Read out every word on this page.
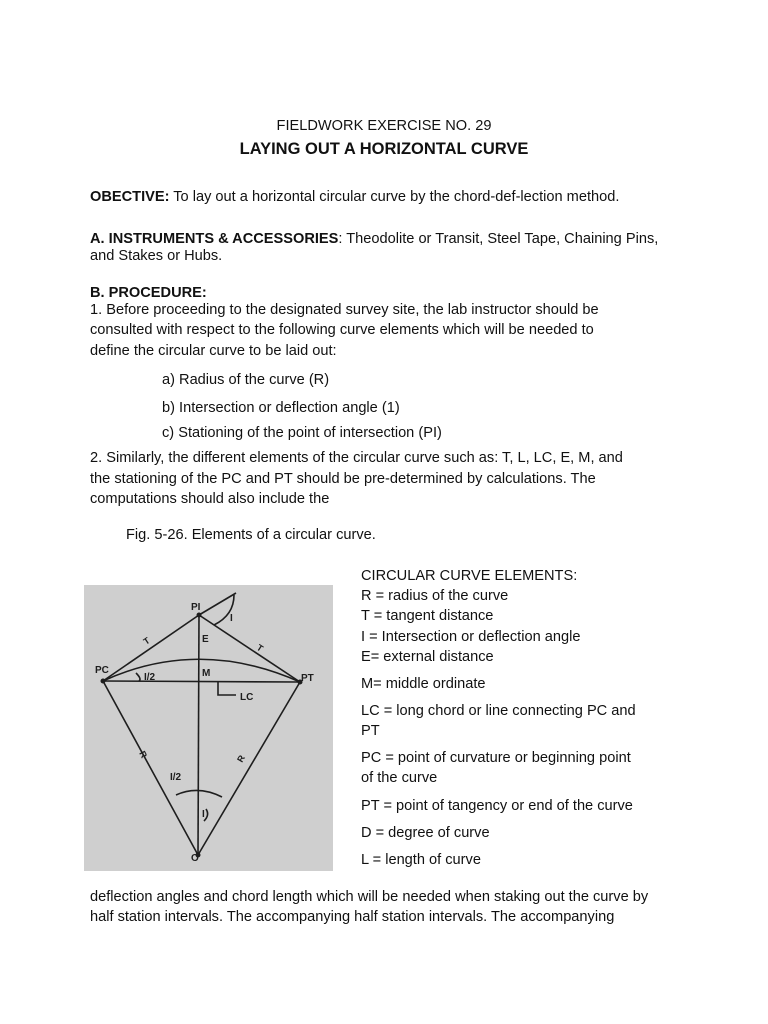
FIELDWORK EXERCISE NO. 29
LAYING OUT A HORIZONTAL CURVE
OBECTIVE: To lay out a horizontal circular curve by the chord-def-lection method.
A. INSTRUMENTS & ACCESSORIES: Theodolite or Transit, Steel Tape, Chaining Pins,
and Stakes or Hubs.
B. PROCEDURE:
1. Before proceeding to the designated survey site, the lab instructor should be
consulted with respect to the following curve elements which will be needed to
define the circular curve to be laid out:
a) Radius of the curve (R)
b) Intersection or deflection angle (1)
c) Stationing of the point of intersection (PI)
2. Similarly, the different elements of the circular curve such as: T, L, LC, E, M, and
the stationing of the PC and PT should be pre-determined by calculations. The
computations should also include the
Fig. 5-26. Elements of a circular curve.
PI
PC
PT
O
E
M
LC
T
T
R	R
I/2
I/2
I
I
CIRCULAR CURVE ELEMENTS:
R = radius of the curve
T = tangent distance
I = Intersection or deflection angle
E= external distance
M= middle ordinate
LC = long chord or line connecting PC and
PT
PC = point of curvature or beginning point
of the curve
PT = point of tangency or end of the curve
D = degree of curve
L = length of curve
deflection angles and chord length which will be needed when staking out the curve by
half station intervals. The accompanying half station intervals. The accompanying
